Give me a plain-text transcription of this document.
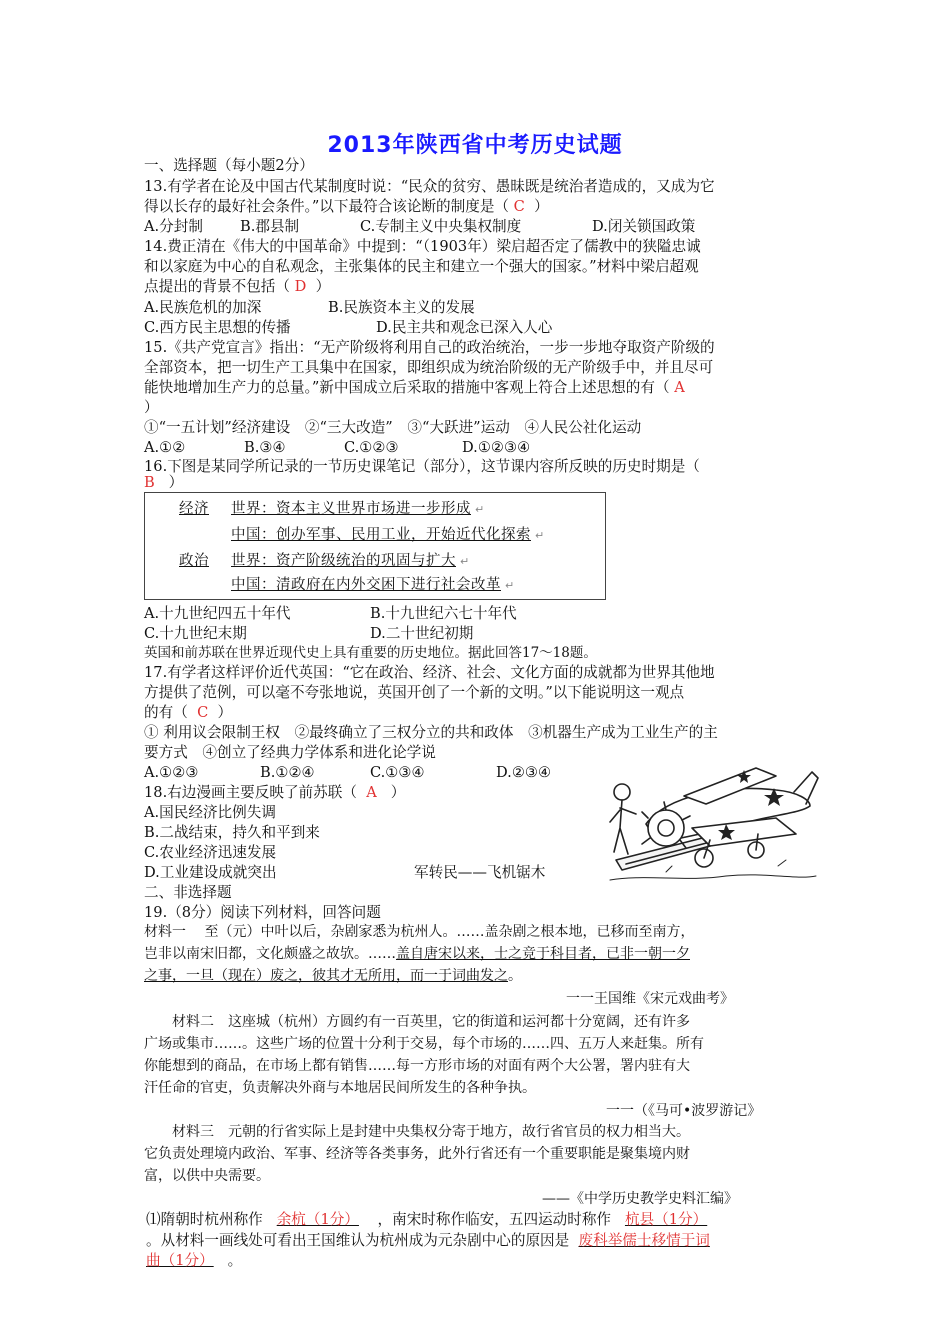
2013年陕西省中考历史试题
一、选择题（每小题2分）
13.有学者在论及中国古代某制度时说：“民众的贫穷、愚昧既是统治者造成的，又成为它
得以长存的最好社会条件。”以下最符合该论断的制度是（ C ）
A.分封制	B.郡县制	C.专制主义中央集权制度	D.闭关锁国政策
14.费正清在《伟大的中国革命》中提到：“（1903年）梁启超否定了儒教中的狭隘忠诚
和以家庭为中心的自私观念，主张集体的民主和建立一个强大的国家。”材料中梁启超观
点提出的背景不包括（ D ）
A.民族危机的加深	B.民族资本主义的发展
C.西方民主思想的传播	D.民主共和观念已深入人心
15.《共产党宣言》指出：“无产阶级将利用自己的政治统治，一步一步地夺取资产阶级的
全部资本，把一切生产工具集中在国家，即组织成为统治阶级的无产阶级手中，并且尽可
能快地增加生产力的总量。”新中国成立后采取的措施中客观上符合上述思想的有（ A
）
①“一五计划”经济建设　②“三大改造”　③“大跃进”运动　④人民公社化运动
A.①②	B.③④	C.①②③	D.①②③④
16.下图是某同学所记录的一节历史课笔记（部分），这节课内容所反映的历史时期是（
B ）
经济 世界：资本主义世界市场进一步形成 ↵
中国：创办军事、民用工业，开始近代化探索 ↵
政治 世界：资产阶级统治的巩固与扩大 ↵
中国：清政府在内外交困下进行社会改革 ↵
A.十九世纪四五十年代	B.十九世纪六七十年代
C.十九世纪末期	D.二十世纪初期
英国和前苏联在世界近现代史上具有重要的历史地位。据此回答17～18题。
17.有学者这样评价近代英国：“它在政治、经济、社会、文化方面的成就都为世界其他地
方提供了范例，可以毫不夸张地说，英国开创了一个新的文明。”以下能说明这一观点
的有（ C ）
① 利用议会限制王权　②最终确立了三权分立的共和政体　③机器生产成为工业生产的主
要方式　④创立了经典力学体系和进化论学说
A.①②③	B.①②④	C.①③④	D.②③④
18.右边漫画主要反映了前苏联（ A ）
A.国民经济比例失调
B.二战结束，持久和平到来
C.农业经济迅速发展
D.工业建设成就突出	军转民——飞机锯木
二、非选择题
19.（8分）阅读下列材料，回答问题
材料一　 至（元）中叶以后，杂剧家悉为杭州人。……盖杂剧之根本地，已移而至南方，
岂非以南宋旧都，文化颇盛之故欤。……盖自唐宋以来，士之竞于科目者，已非一朝一夕
之事，一旦（现在）废之，彼其才无所用，而一于词曲发之。
一一王国维《宋元戏曲考》
材料二　这座城（杭州）方圆约有一百英里，它的街道和运河都十分宽阔，还有许多
广场或集市……。这些广场的位置十分利于交易，每个市场的……四、五万人来赶集。所有
你能想到的商品，在市场上都有销售……每一方形市场的对面有两个大公署，署内驻有大
汗任命的官吏，负责解决外商与本地居民间所发生的各种争执。
一一（《马可•波罗游记》
材料三　元朝的行省实际上是封建中央集权分寄于地方，故行省官员的权力相当大。
它负责处理境内政治、军事、经济等各类事务，此外行省还有一个重要职能是聚集境内财
富，以供中央需要。
——《中学历史教学史料汇编》
⑴隋朝时杭州称作 余杭（1分） ，南宋时称作临安，五四运动时称作 杭县（1分）
。从材料一画线处可看出王国维认为杭州成为元杂剧中心的原因是 废科举儒士移情于词
曲（1分） 。
